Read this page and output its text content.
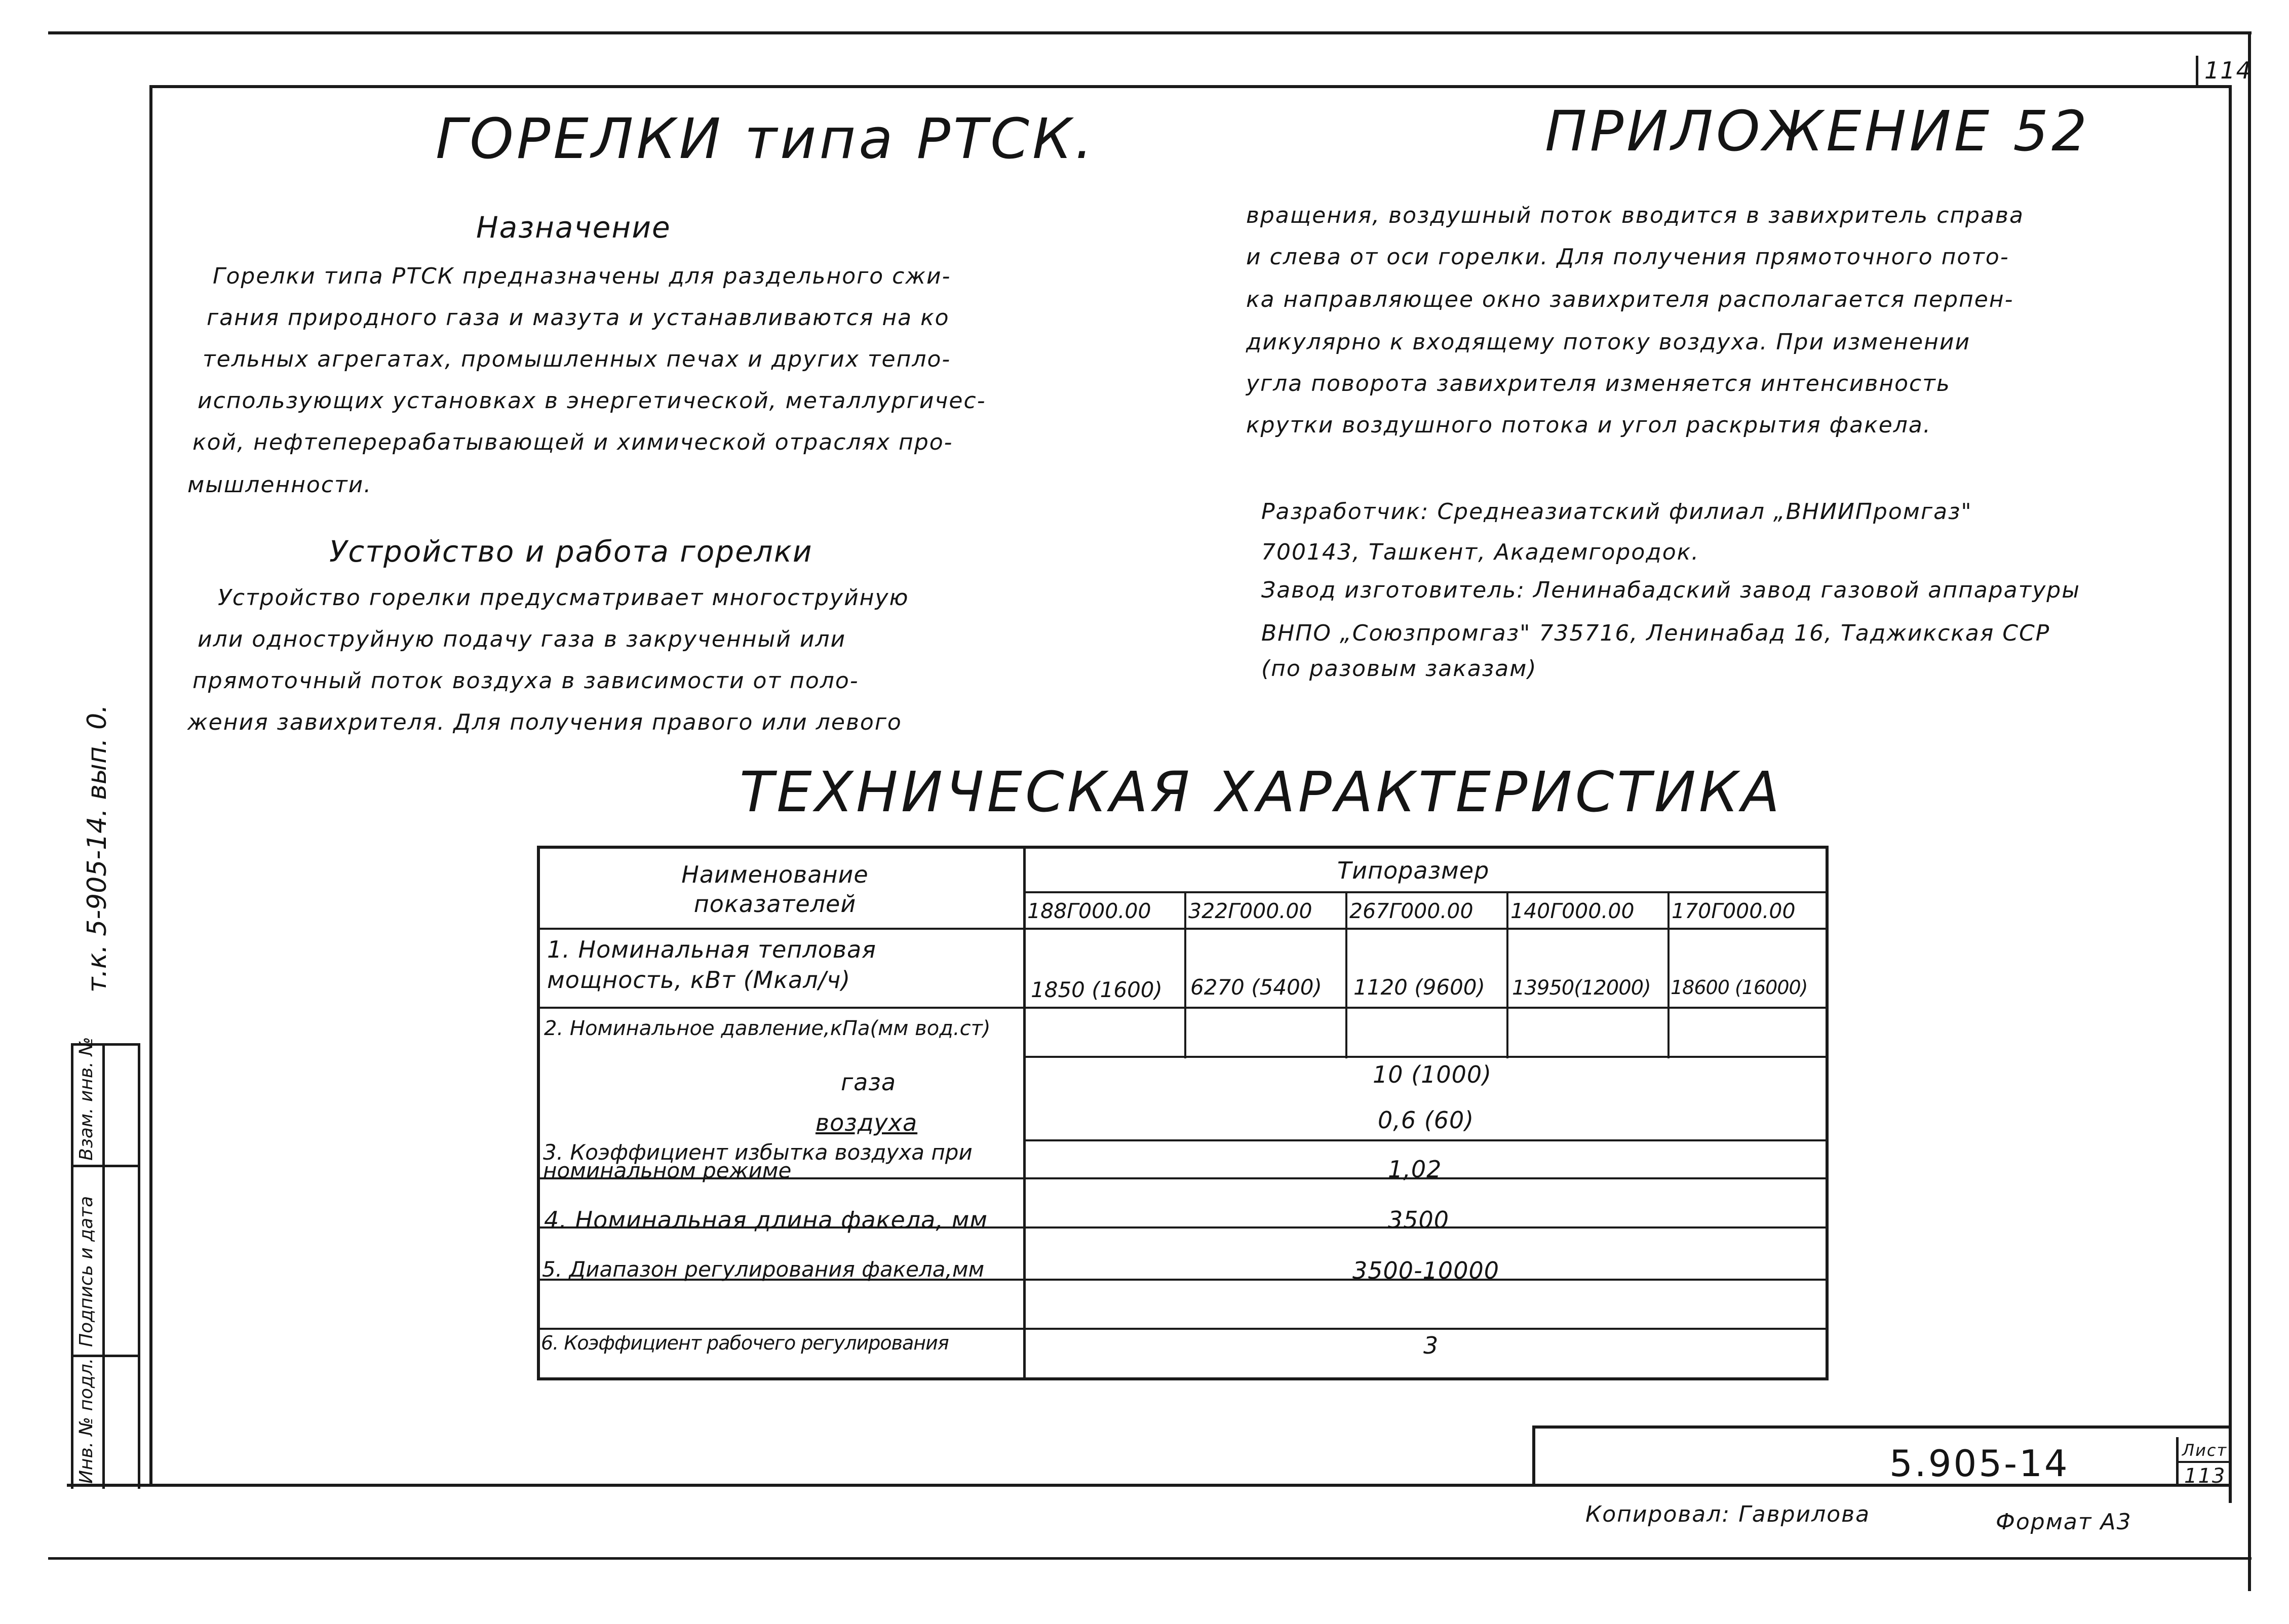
114
ГОРЕЛКИ типа РТСК.	ПРИЛОЖЕНИЕ 52
Назначение
Горелки типа РТСК предназначены для раздельного сжи-
гания природного газа и мазута и устанавливаются на ко
тельных агрегатах, промышленных печах и других тепло-
использующих установках в энергетической, металлургичес-
кой, нефтеперерабатывающей и химической отраслях про-
мышленности.
Устройство и работа горелки
Устройство горелки предусматривает многоструйную
или одноструйную подачу газа в закрученный или
прямоточный поток воздуха в зависимости от поло-
жения завихрителя. Для получения правого или левого
вращения, воздушный поток вводится в завихритель справа
и слева от оси горелки. Для получения прямоточного пото-
ка направляющее окно завихрителя располагается перпен-
дикулярно к входящему потоку воздуха. При изменении
угла поворота завихрителя изменяется интенсивность
крутки воздушного потока и угол раскрытия факела.
Разработчик: Среднеазиатский филиал „ВНИИПромгаз"
700143, Ташкент, Академгородок.
Завод изготовитель: Ленинабадский завод газовой аппаратуры
ВНПО „Союзпромгаз" 735716, Ленинабад 16, Таджикская ССР
(по разовым заказам)
ТЕХНИЧЕСКАЯ ХАРАКТЕРИСТИКА
Наименование показателей
Типоразмер
188Г000.00 322Г000.00 267Г000.00 140Г000.00 170Г000.00
1. Номинальная тепловая мощность, кВт (Мкал/ч)	1850 (1600) 6270 (5400) 1120 (9600) 13950(12000) 18600 (16000)
2. Номинальное давление,кПа(мм вод.ст)
газа	10 (1000)
воздуха	0,6 (60)
3. Коэффициент избытка воздуха при номинальном режиме	1,02
4. Номинальная длина факела, мм	3500
5. Диапазон регулирования факела,мм	3500-10000
6. Коэффициент рабочего регулирования	3
т.к. 5-905-14. вып. 0.
Инв. № подл.
Подпись и дата
Взам. инв. №
5.905-14	Лист
113
Копировал: Гаврилова	Формат А3
